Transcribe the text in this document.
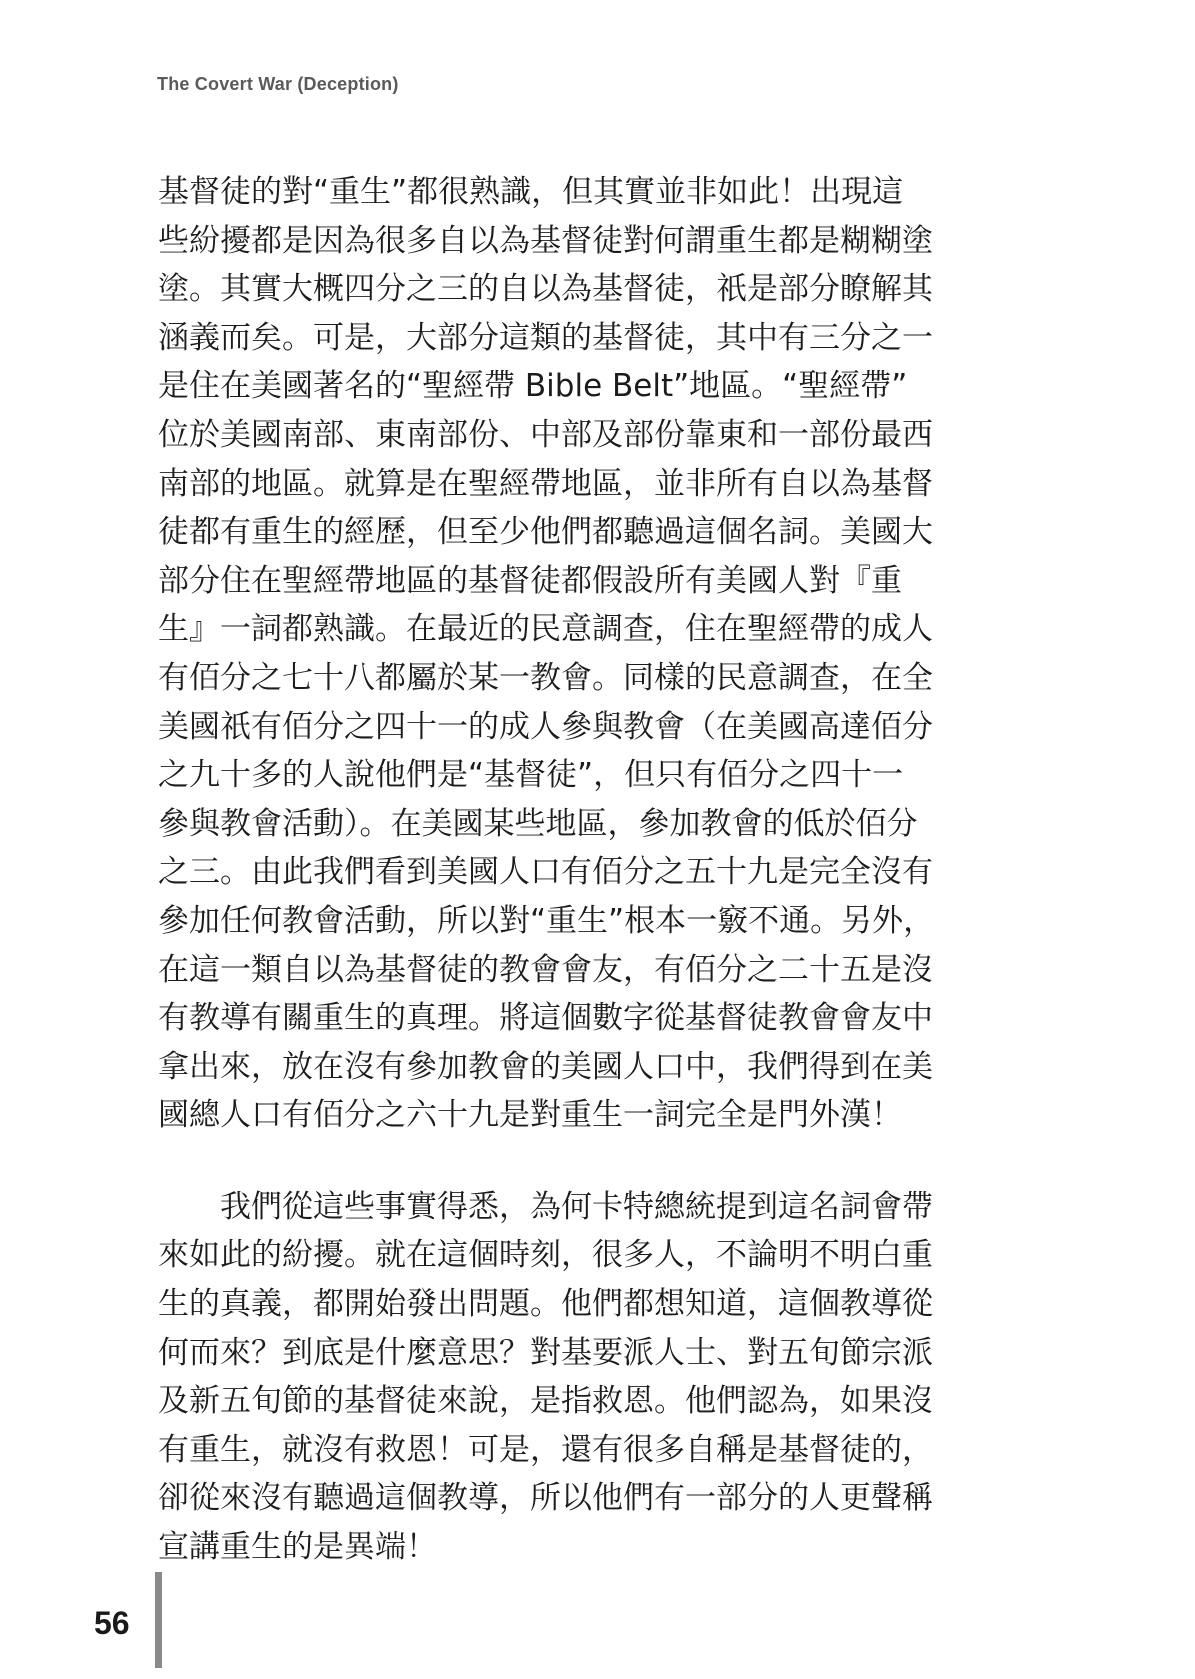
The Covert War (Deception)
基督徒的對“重生”都很熟識，但其實並非如此！出現這
些紛擾都是因為很多自以為基督徒對何謂重生都是糊糊塗
塗。其實大概四分之三的自以為基督徒，祇是部分瞭解其
涵義而矣。可是，大部分這類的基督徒，其中有三分之一
是住在美國著名的“聖經帶 Bible Belt”地區。“聖經帶”
位於美國南部、東南部份、中部及部份靠東和一部份最西
南部的地區。就算是在聖經帶地區，並非所有自以為基督
徒都有重生的經歷，但至少他們都聽過這個名詞。美國大
部分住在聖經帶地區的基督徒都假設所有美國人對『重
生』一詞都熟識。在最近的民意調查，住在聖經帶的成人
有佰分之七十八都屬於某一教會。同樣的民意調查，在全
美國祇有佰分之四十一的成人參與教會（在美國高達佰分
之九十多的人說他們是“基督徒”，但只有佰分之四十一
參與教會活動）。在美國某些地區，參加教會的低於佰分
之三。由此我們看到美國人口有佰分之五十九是完全沒有
參加任何教會活動，所以對“重生”根本一竅不通。另外，
在這一類自以為基督徒的教會會友，有佰分之二十五是沒
有教導有關重生的真理。將這個數字從基督徒教會會友中
拿出來，放在沒有參加教會的美國人口中，我們得到在美
國總人口有佰分之六十九是對重生一詞完全是門外漢！
我們從這些事實得悉，為何卡特總統提到這名詞會帶
來如此的紛擾。就在這個時刻，很多人，不論明不明白重
生的真義，都開始發出問題。他們都想知道，這個教導從
何而來？到底是什麼意思？對基要派人士、對五旬節宗派
及新五旬節的基督徒來說，是指救恩。他們認為，如果沒
有重生，就沒有救恩！可是，還有很多自稱是基督徒的，
卻從來沒有聽過這個教導，所以他們有一部分的人更聲稱
宣講重生的是異端！
56
